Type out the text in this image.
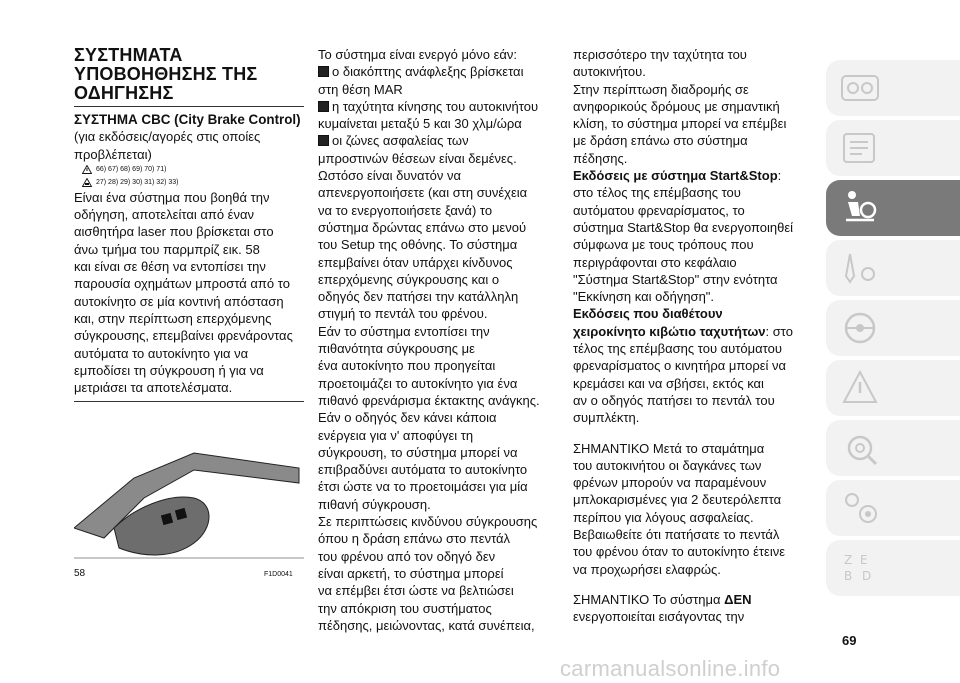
ΣΥΣΤΗΜΑΤΑ
ΥΠΟΒΟΗΘΗΣΗΣ ΤΗΣ
ΟΔΗΓΗΣΗΣ

ΣΥΣΤΗΜΑ CBC (City Brake Control)

(για εκδόσεις/αγορές στις οποίες

προβλέπεται)

66) 67) 68) 69) 70) 71)
27) 28) 29) 30) 31) 32) 33)

Είναι ένα σύστημα που βοηθά την

οδήγηση, αποτελείται από έναν

αισθητήρα laser που βρίσκεται στο

άνω τμήμα του παρμπρίζ εικ. 58

και είναι σε θέση να εντοπίσει την

παρουσία οχημάτων μπροστά από το

αυτοκίνητο σε μία κοντινή απόσταση

και, στην περίπτωση επερχόμενης

σύγκρουσης, επεμβαίνει φρενάροντας

αυτόματα το αυτοκίνητο για να

εμποδίσει τη σύγκρουση ή για να

μετριάσει τα αποτελέσματα.

58	F1D0041

Το σύστημα είναι ενεργό μόνο εάν:

ο διακόπτης ανάφλεξης βρίσκεται

στη θέση MAR

η ταχύτητα κίνησης του αυτοκινήτου

κυμαίνεται μεταξύ 5 και 30 χλμ/ώρα

οι ζώνες ασφαλείας των

μπροστινών θέσεων είναι δεμένες.

Ωστόσο είναι δυνατόν να

απενεργοποιήσετε (και στη συνέχεια

να το ενεργοποιήσετε ξανά) το

σύστημα δρώντας επάνω στο μενού

του Setup της οθόνης. Το σύστημα

επεμβαίνει όταν υπάρχει κίνδυνος

επερχόμενης σύγκρουσης και ο

οδηγός δεν πατήσει την κατάλληλη

στιγμή το πεντάλ του φρένου.

Εάν το σύστημα εντοπίσει την

πιθανότητα σύγκρουσης με

ένα αυτοκίνητο που προηγείται

προετοιμάζει το αυτοκίνητο για ένα

πιθανό φρενάρισμα έκτακτης ανάγκης.

Εάν ο οδηγός δεν κάνει κάποια

ενέργεια για ν' αποφύγει τη

σύγκρουση, το σύστημα μπορεί να

επιβραδύνει αυτόματα το αυτοκίνητο

έτσι ώστε να το προετοιμάσει για μία

πιθανή σύγκρουση.

Σε περιπτώσεις κινδύνου σύγκρουσης

όπου η δράση επάνω στο πεντάλ

του φρένου από τον οδηγό δεν

είναι αρκετή, το σύστημα μπορεί

να επέμβει έτσι ώστε να βελτιώσει

την απόκριση του συστήματος

πέδησης, μειώνοντας, κατά συνέπεια,

περισσότερο την ταχύτητα του

αυτοκινήτου.

Στην περίπτωση διαδρομής σε

ανηφορικούς δρόμους με σημαντική

κλίση, το σύστημα μπορεί να επέμβει

με δράση επάνω στο σύστημα

πέδησης.

Εκδόσεις με σύστημα Start&Stop:

στο τέλος της επέμβασης του

αυτόματου φρεναρίσματος, το

σύστημα Start&Stop θα ενεργοποιηθεί

σύμφωνα με τους τρόπους που

περιγράφονται στο κεφάλαιο

"Σύστημα Start&Stop" στην ενότητα

"Εκκίνηση και οδήγηση".

Εκδόσεις που διαθέτουν

χειροκίνητο κιβώτιο ταχυτήτων: στο

τέλος της επέμβασης του αυτόματου

φρεναρίσματος ο κινητήρα μπορεί να

κρεμάσει και να σβήσει, εκτός και

αν ο οδηγός πατήσει το πεντάλ του

συμπλέκτη.

ΣΗΜΑΝΤΙΚΟ Μετά το σταμάτημα

του αυτοκινήτου οι δαγκάνες των

φρένων μπορούν να παραμένουν

μπλοκαρισμένες για 2 δευτερόλεπτα

περίπου για λόγους ασφαλείας.

Βεβαιωθείτε ότι πατήσατε το πεντάλ

του φρένου όταν το αυτοκίνητο έτεινε

να προχωρήσει ελαφρώς.

ΣΗΜΑΝΤΙΚΟ Το σύστημα ΔΕΝ

ενεργοποιείται εισάγοντας την

Z E
B D
69
carmanualsonline.info
